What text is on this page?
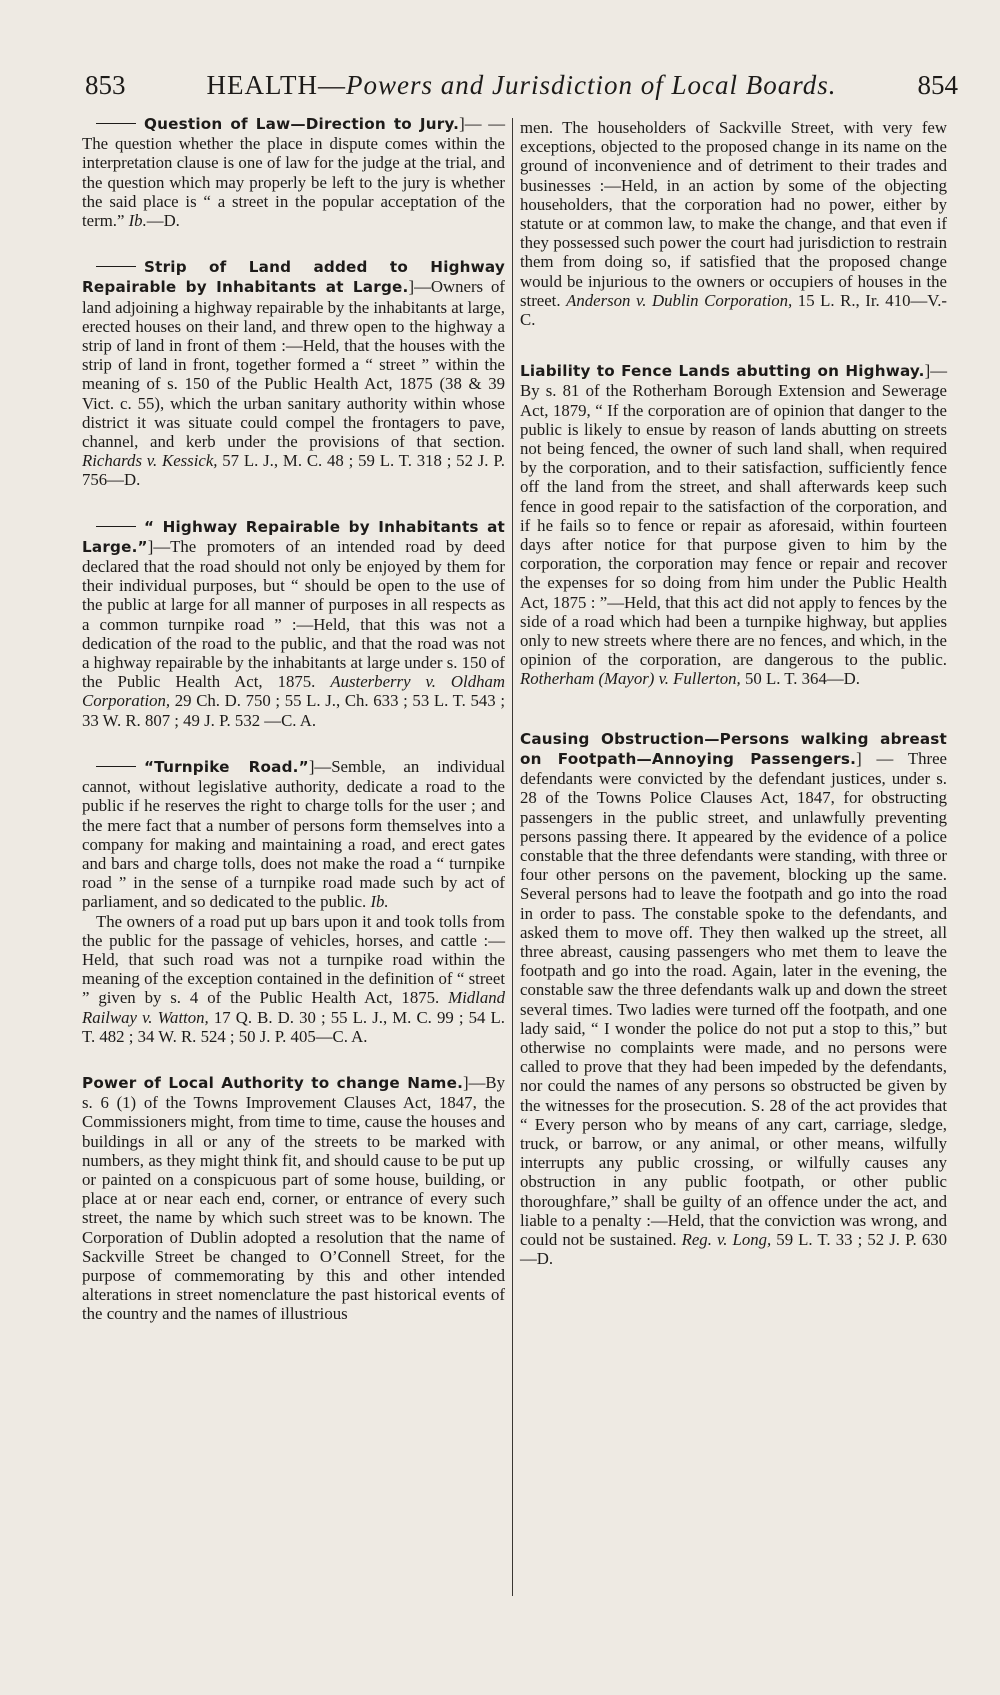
853	HEALTH—Powers and Jurisdiction of Local Boards.	854

Question of Law—Direction to Jury.]— —The question whether the place in dispute comes within the interpretation clause is one of law for the judge at the trial, and the question which may properly be left to the jury is whether the said place is “ a street in the popular acceptation of the term.” Ib.—D.

Strip of Land added to Highway Repairable by Inhabitants at Large.]—Owners of land adjoining a highway repairable by the inhabitants at large, erected houses on their land, and threw open to the highway a strip of land in front of them :—Held, that the houses with the strip of land in front, together formed a “ street ” within the meaning of s. 150 of the Public Health Act, 1875 (38 & 39 Vict. c. 55), which the urban sanitary authority within whose district it was situate could compel the frontagers to pave, channel, and kerb under the provisions of that section. Richards v. Kessick, 57 L. J., M. C. 48 ; 59 L. T. 318 ; 52 J. P. 756—D.

“ Highway Repairable by Inhabitants at Large.”]—The promoters of an intended road by deed declared that the road should not only be enjoyed by them for their individual purposes, but “ should be open to the use of the public at large for all manner of purposes in all respects as a common turnpike road ” :—Held, that this was not a dedication of the road to the public, and that the road was not a highway repairable by the inhabitants at large under s. 150 of the Public Health Act, 1875. Austerberry v. Oldham Corporation, 29 Ch. D. 750 ; 55 L. J., Ch. 633 ; 53 L. T. 543 ; 33 W. R. 807 ; 49 J. P. 532 —C. A.

“Turnpike Road.”]—Semble, an individual cannot, without legislative authority, dedicate a road to the public if he reserves the right to charge tolls for the user ; and the mere fact that a number of persons form themselves into a company for making and maintaining a road, and erect gates and bars and charge tolls, does not make the road a “ turnpike road ” in the sense of a turnpike road made such by act of parliament, and so dedicated to the public. Ib.

The owners of a road put up bars upon it and took tolls from the public for the passage of vehicles, horses, and cattle :—Held, that such road was not a turnpike road within the meaning of the exception contained in the definition of “ street ” given by s. 4 of the Public Health Act, 1875. Midland Railway v. Watton, 17 Q. B. D. 30 ; 55 L. J., M. C. 99 ; 54 L. T. 482 ; 34 W. R. 524 ; 50 J. P. 405—C. A.

Power of Local Authority to change Name.]—By s. 6 (1) of the Towns Improvement Clauses Act, 1847, the Commissioners might, from time to time, cause the houses and buildings in all or any of the streets to be marked with numbers, as they might think fit, and should cause to be put up or painted on a conspicuous part of some house, building, or place at or near each end, corner, or entrance of every such street, the name by which such street was to be known. The Corporation of Dublin adopted a resolution that the name of Sackville Street be changed to O’Connell Street, for the purpose of commemorating by this and other intended alterations in street nomenclature the past historical events of the country and the names of illustrious

men. The householders of Sackville Street, with very few exceptions, objected to the proposed change in its name on the ground of inconvenience and of detriment to their trades and businesses :—Held, in an action by some of the objecting householders, that the corporation had no power, either by statute or at common law, to make the change, and that even if they possessed such power the court had jurisdiction to restrain them from doing so, if satisfied that the proposed change would be injurious to the owners or occupiers of houses in the street. Anderson v. Dublin Corporation, 15 L. R., Ir. 410—V.-C.

Liability to Fence Lands abutting on Highway.]—By s. 81 of the Rotherham Borough Extension and Sewerage Act, 1879, “ If the corporation are of opinion that danger to the public is likely to ensue by reason of lands abutting on streets not being fenced, the owner of such land shall, when required by the corporation, and to their satisfaction, sufficiently fence off the land from the street, and shall afterwards keep such fence in good repair to the satisfaction of the corporation, and if he fails so to fence or repair as aforesaid, within fourteen days after notice for that purpose given to him by the corporation, the corporation may fence or repair and recover the expenses for so doing from him under the Public Health Act, 1875 : ”—Held, that this act did not apply to fences by the side of a road which had been a turnpike highway, but applies only to new streets where there are no fences, and which, in the opinion of the corporation, are dangerous to the public. Rotherham (Mayor) v. Fullerton, 50 L. T. 364—D.

Causing Obstruction—Persons walking abreast on Footpath—Annoying Passengers.] — Three defendants were convicted by the defendant justices, under s. 28 of the Towns Police Clauses Act, 1847, for obstructing passengers in the public street, and unlawfully preventing persons passing there. It appeared by the evidence of a police constable that the three defendants were standing, with three or four other persons on the pavement, blocking up the same. Several persons had to leave the footpath and go into the road in order to pass. The constable spoke to the defendants, and asked them to move off. They then walked up the street, all three abreast, causing passengers who met them to leave the footpath and go into the road. Again, later in the evening, the constable saw the three defendants walk up and down the street several times. Two ladies were turned off the footpath, and one lady said, “ I wonder the police do not put a stop to this,” but otherwise no complaints were made, and no persons were called to prove that they had been impeded by the defendants, nor could the names of any persons so obstructed be given by the witnesses for the prosecution. S. 28 of the act provides that “ Every person who by means of any cart, carriage, sledge, truck, or barrow, or any animal, or other means, wilfully interrupts any public crossing, or wilfully causes any obstruction in any public footpath, or other public thoroughfare,” shall be guilty of an offence under the act, and liable to a penalty :—Held, that the conviction was wrong, and could not be sustained. Reg. v. Long, 59 L. T. 33 ; 52 J. P. 630—D.
